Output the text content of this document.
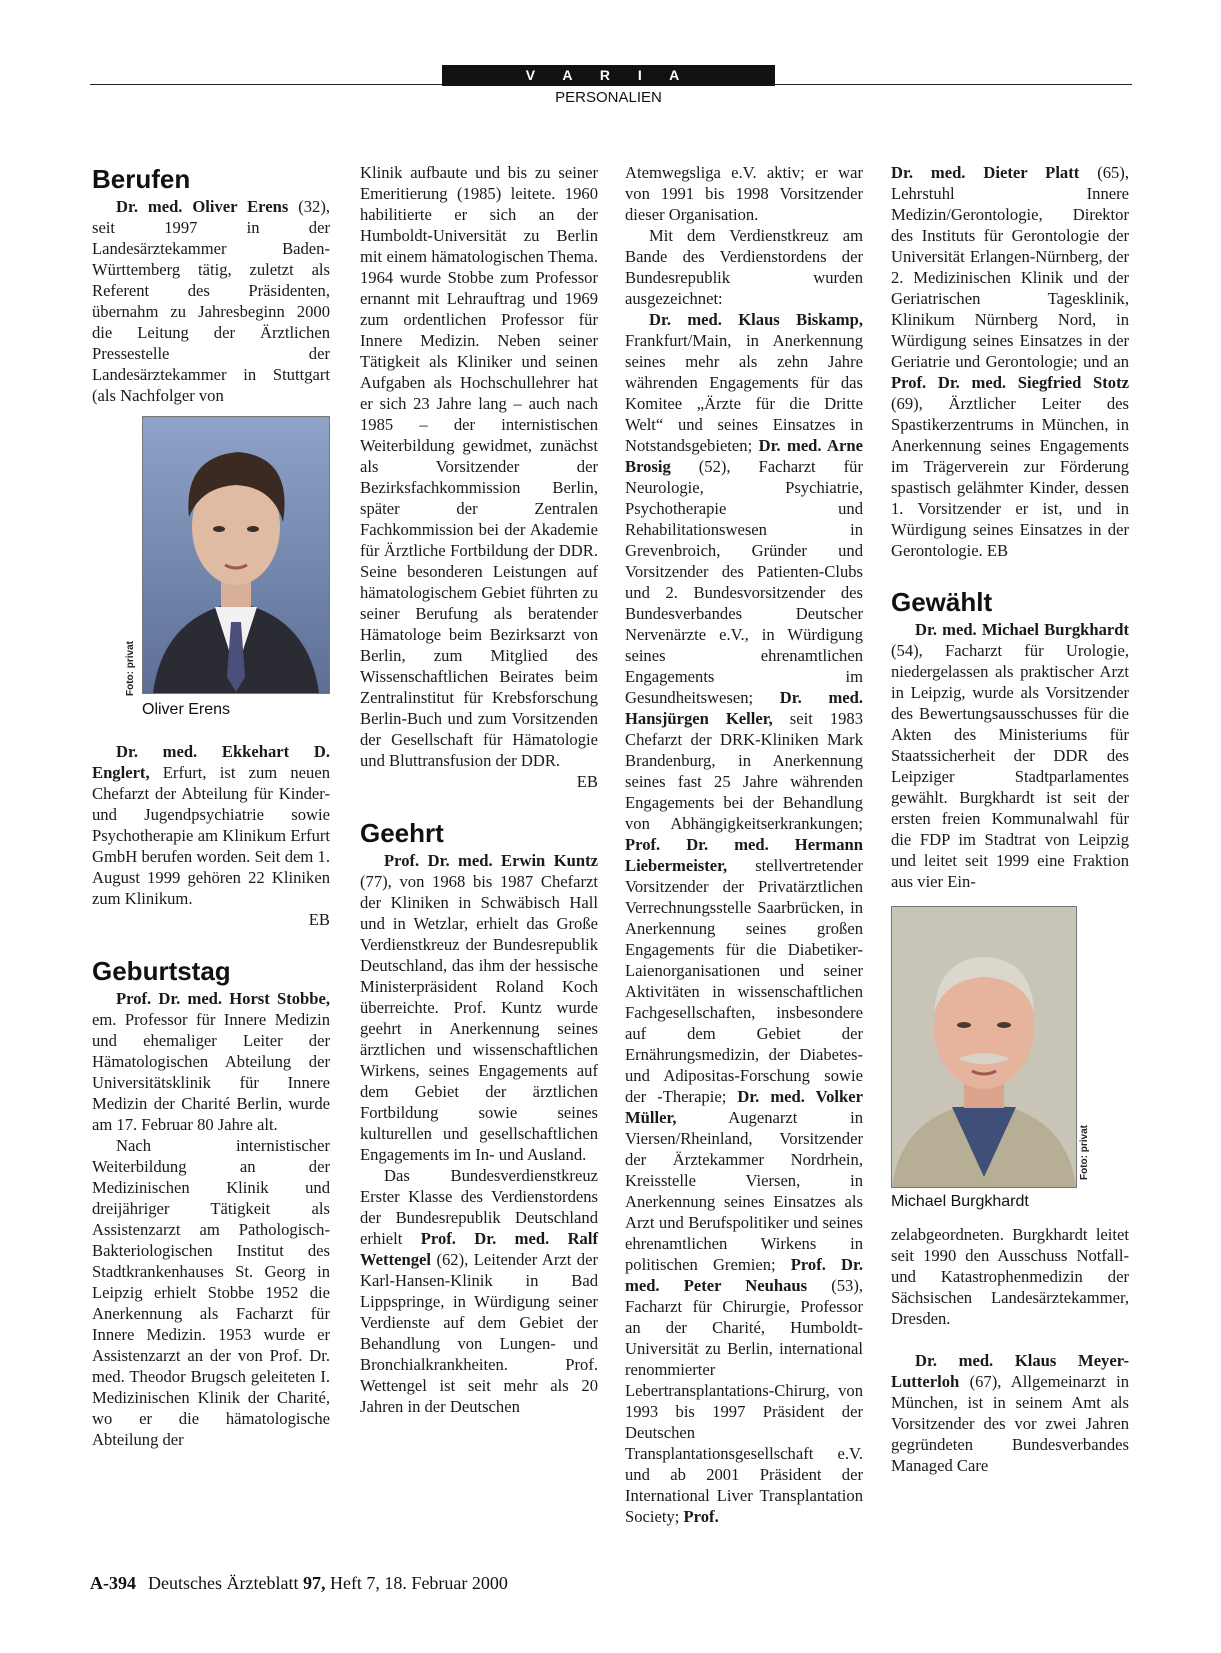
V A R I A
PERSONALIEN
Berufen

Dr. med. Oliver Erens (32), seit 1997 in der Landesärztekammer Baden-Württemberg tätig, zuletzt als Referent des Präsidenten, übernahm zu Jahresbeginn 2000 die Leitung der Ärztlichen Pressestelle der Landesärztekammer in Stuttgart (als Nachfolger von

Foto: privat
Oliver Erens

Dr. med. Ekkehart D. Englert, Erfurt, ist zum neuen Chefarzt der Abteilung für Kinder- und Jugendpsychiatrie sowie Psychotherapie am Klinikum Erfurt GmbH berufen worden. Seit dem 1. August 1999 gehören 22 Kliniken zum Klinikum.
EB

Geburtstag

Prof. Dr. med. Horst Stobbe, em. Professor für Innere Medizin und ehemaliger Leiter der Hämatologischen Abteilung der Universitätsklinik für Innere Medizin der Charité Berlin, wurde am 17. Februar 80 Jahre alt.

Nach internistischer Weiterbildung an der Medizinischen Klinik und dreijähriger Tätigkeit als Assistenzarzt am Pathologisch-Bakteriologischen Institut des Stadtkrankenhauses St. Georg in Leipzig erhielt Stobbe 1952 die Anerkennung als Facharzt für Innere Medizin. 1953 wurde er Assistenzarzt an der von Prof. Dr. med. Theodor Brugsch geleiteten I. Medizinischen Klinik der Charité, wo er die hämatologische Abteilung der

Klinik aufbaute und bis zu seiner Emeritierung (1985) leitete. 1960 habilitierte er sich an der Humboldt-Universität zu Berlin mit einem hämatologischen Thema. 1964 wurde Stobbe zum Professor ernannt mit Lehrauftrag und 1969 zum ordentlichen Professor für Innere Medizin. Neben seiner Tätigkeit als Kliniker und seinen Aufgaben als Hochschullehrer hat er sich 23 Jahre lang – auch nach 1985 – der internistischen Weiterbildung gewidmet, zunächst als Vorsitzender der Bezirksfachkommission Berlin, später der Zentralen Fachkommission bei der Akademie für Ärztliche Fortbildung der DDR. Seine besonderen Leistungen auf hämatologischem Gebiet führten zu seiner Berufung als beratender Hämatologe beim Bezirksarzt von Berlin, zum Mitglied des Wissenschaftlichen Beirates beim Zentralinstitut für Krebsforschung Berlin-Buch und zum Vorsitzenden der Gesellschaft für Hämatologie und Bluttransfusion der DDR.
EB

Geehrt

Prof. Dr. med. Erwin Kuntz (77), von 1968 bis 1987 Chefarzt der Kliniken in Schwäbisch Hall und in Wetzlar, erhielt das Große Verdienstkreuz der Bundesrepublik Deutschland, das ihm der hessische Ministerpräsident Roland Koch überreichte. Prof. Kuntz wurde geehrt in Anerkennung seines ärztlichen und wissenschaftlichen Wirkens, seines Engagements auf dem Gebiet der ärztlichen Fortbildung sowie seines kulturellen und gesellschaftlichen Engagements im In- und Ausland.

Das Bundesverdienstkreuz Erster Klasse des Verdienstordens der Bundesrepublik Deutschland erhielt Prof. Dr. med. Ralf Wettengel (62), Leitender Arzt der Karl-Hansen-Klinik in Bad Lippspringe, in Würdigung seiner Verdienste auf dem Gebiet der Behandlung von Lungen- und Bronchialkrankheiten. Prof. Wettengel ist seit mehr als 20 Jahren in der Deutschen

Atemwegsliga e.V. aktiv; er war von 1991 bis 1998 Vorsitzender dieser Organisation.

Mit dem Verdienstkreuz am Bande des Verdienstordens der Bundesrepublik wurden ausgezeichnet:

Dr. med. Klaus Biskamp, Frankfurt/Main, in Anerkennung seines mehr als zehn Jahre währenden Engagements für das Komitee „Ärzte für die Dritte Welt“ und seines Einsatzes in Notstandsgebieten; Dr. med. Arne Brosig (52), Facharzt für Neurologie, Psychiatrie, Psychotherapie und Rehabilitationswesen in Grevenbroich, Gründer und Vorsitzender des Patienten-Clubs und 2. Bundesvorsitzender des Bundesverbandes Deutscher Nervenärzte e.V., in Würdigung seines ehrenamtlichen Engagements im Gesundheitswesen; Dr. med. Hansjürgen Keller, seit 1983 Chefarzt der DRK-Kliniken Mark Brandenburg, in Anerkennung seines fast 25 Jahre währenden Engagements bei der Behandlung von Abhängigkeitserkrankungen; Prof. Dr. med. Hermann Liebermeister, stellvertretender Vorsitzender der Privatärztlichen Verrechnungsstelle Saarbrücken, in Anerkennung seines großen Engagements für die Diabetiker-Laienorganisationen und seiner Aktivitäten in wissenschaftlichen Fachgesellschaften, insbesondere auf dem Gebiet der Ernährungsmedizin, der Diabetes- und Adipositas-Forschung sowie der -Therapie; Dr. med. Volker Müller, Augenarzt in Viersen/Rheinland, Vorsitzender der Ärztekammer Nordrhein, Kreisstelle Viersen, in Anerkennung seines Einsatzes als Arzt und Berufspolitiker und seines ehrenamtlichen Wirkens in politischen Gremien; Prof. Dr. med. Peter Neuhaus (53), Facharzt für Chirurgie, Professor an der Charité, Humboldt-Universität zu Berlin, international renommierter Lebertransplantations-Chirurg, von 1993 bis 1997 Präsident der Deutschen Transplantationsgesellschaft e.V. und ab 2001 Präsident der International Liver Transplantation Society; Prof.

Dr. med. Dieter Platt (65), Lehrstuhl Innere Medizin/Gerontologie, Direktor des Instituts für Gerontologie der Universität Erlangen-Nürnberg, der 2. Medizinischen Klinik und der Geriatrischen Tagesklinik, Klinikum Nürnberg Nord, in Würdigung seines Einsatzes in der Geriatrie und Gerontologie; und an Prof. Dr. med. Siegfried Stotz (69), Ärztlicher Leiter des Spastikerzentrums in München, in Anerkennung seines Engagements im Trägerverein zur Förderung spastisch gelähmter Kinder, dessen 1. Vorsitzender er ist, und in Würdigung seines Einsatzes in der Gerontologie. EB

Gewählt

Dr. med. Michael Burgkhardt (54), Facharzt für Urologie, niedergelassen als praktischer Arzt in Leipzig, wurde als Vorsitzender des Bewertungsausschusses für die Akten des Ministeriums für Staatssicherheit der DDR des Leipziger Stadtparlamentes gewählt. Burgkhardt ist seit der ersten freien Kommunalwahl für die FDP im Stadtrat von Leipzig und leitet seit 1999 eine Fraktion aus vier Ein-

Foto: privat
Michael Burgkhardt

zelabgeordneten. Burgkhardt leitet seit 1990 den Ausschuss Notfall- und Katastrophenmedizin der Sächsischen Landesärztekammer, Dresden.

Dr. med. Klaus Meyer-Lutterloh (67), Allgemeinarzt in München, ist in seinem Amt als Vorsitzender des vor zwei Jahren gegründeten Bundesverbandes Managed Care

A-394 Deutsches Ärzteblatt 97, Heft 7, 18. Februar 2000
